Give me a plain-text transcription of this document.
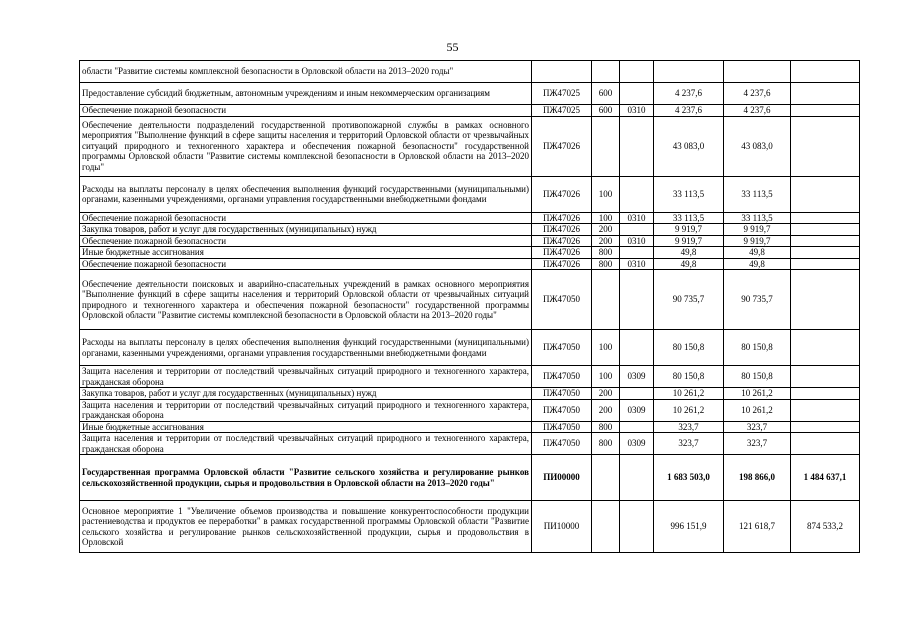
55
области "Развитие системы комплексной безопасности в Орловской области на 2013–2020 годы"						
Предоставление субсидий бюджетным, автономным учреждениям и иным некоммерческим организациям	ПЖ47025	600		4 237,6	4 237,6	
Обеспечение пожарной безопасности	ПЖ47025	600	0310	4 237,6	4 237,6	
Обеспечение деятельности подразделений государственной противопожарной службы в рамках основного мероприятия "Выполнение функций в сфере защиты населения и территорий Орловской области от чрезвычайных ситуаций природного и техногенного характера и обеспечения пожарной безопасности" государственной программы Орловской области "Развитие системы комплексной безопасности в Орловской области на 2013–2020 годы"	ПЖ47026			43 083,0	43 083,0	
Расходы на выплаты персоналу в целях обеспечения выполнения функций государственными (муниципальными) органами, казенными учреждениями, органами управления государственными внебюджетными фондами	ПЖ47026	100		33 113,5	33 113,5	
Обеспечение пожарной безопасности	ПЖ47026	100	0310	33 113,5	33 113,5	
Закупка товаров, работ и услуг для государственных (муниципальных) нужд	ПЖ47026	200		9 919,7	9 919,7	
Обеспечение пожарной безопасности	ПЖ47026	200	0310	9 919,7	9 919,7	
Иные бюджетные ассигнования	ПЖ47026	800		49,8	49,8	
Обеспечение пожарной безопасности	ПЖ47026	800	0310	49,8	49,8	
Обеспечение деятельности поисковых и аварийно-спасательных учреждений в рамках основного мероприятия "Выполнение функций в сфере защиты населения и территорий Орловской области от чрезвычайных ситуаций природного и техногенного характера и обеспечения пожарной безопасности" государственной программы Орловской области "Развитие системы комплексной безопасности в Орловской области на 2013–2020 годы"	ПЖ47050			90 735,7	90 735,7	
Расходы на выплаты персоналу в целях обеспечения выполнения функций государственными (муниципальными) органами, казенными учреждениями, органами управления государственными внебюджетными фондами	ПЖ47050	100		80 150,8	80 150,8	
Защита населения и территории от последствий чрезвычайных ситуаций природного и техногенного характера, гражданская оборона	ПЖ47050	100	0309	80 150,8	80 150,8	
Закупка товаров, работ и услуг для государственных (муниципальных) нужд	ПЖ47050	200		10 261,2	10 261,2	
Защита населения и территории от последствий чрезвычайных ситуаций природного и техногенного характера, гражданская оборона	ПЖ47050	200	0309	10 261,2	10 261,2	
Иные бюджетные ассигнования	ПЖ47050	800		323,7	323,7	
Защита населения и территории от последствий чрезвычайных ситуаций природного и техногенного характера, гражданская оборона	ПЖ47050	800	0309	323,7	323,7	
Государственная программа Орловской области "Развитие сельского хозяйства и регулирование рынков сельскохозяйственной продукции, сырья и продовольствия в Орловской области на 2013–2020 годы"	ПИ00000			1 683 503,0	198 866,0	1 484 637,1
Основное мероприятие 1 "Увеличение объемов производства и повышение конкурентоспособности продукции растениеводства и продуктов ее переработки" в рамках государственной программы Орловской области "Развитие сельского хозяйства и регулирование рынков сельскохозяйственной продукции, сырья и продовольствия в Орловской	ПИ10000			996 151,9	121 618,7	874 533,2
